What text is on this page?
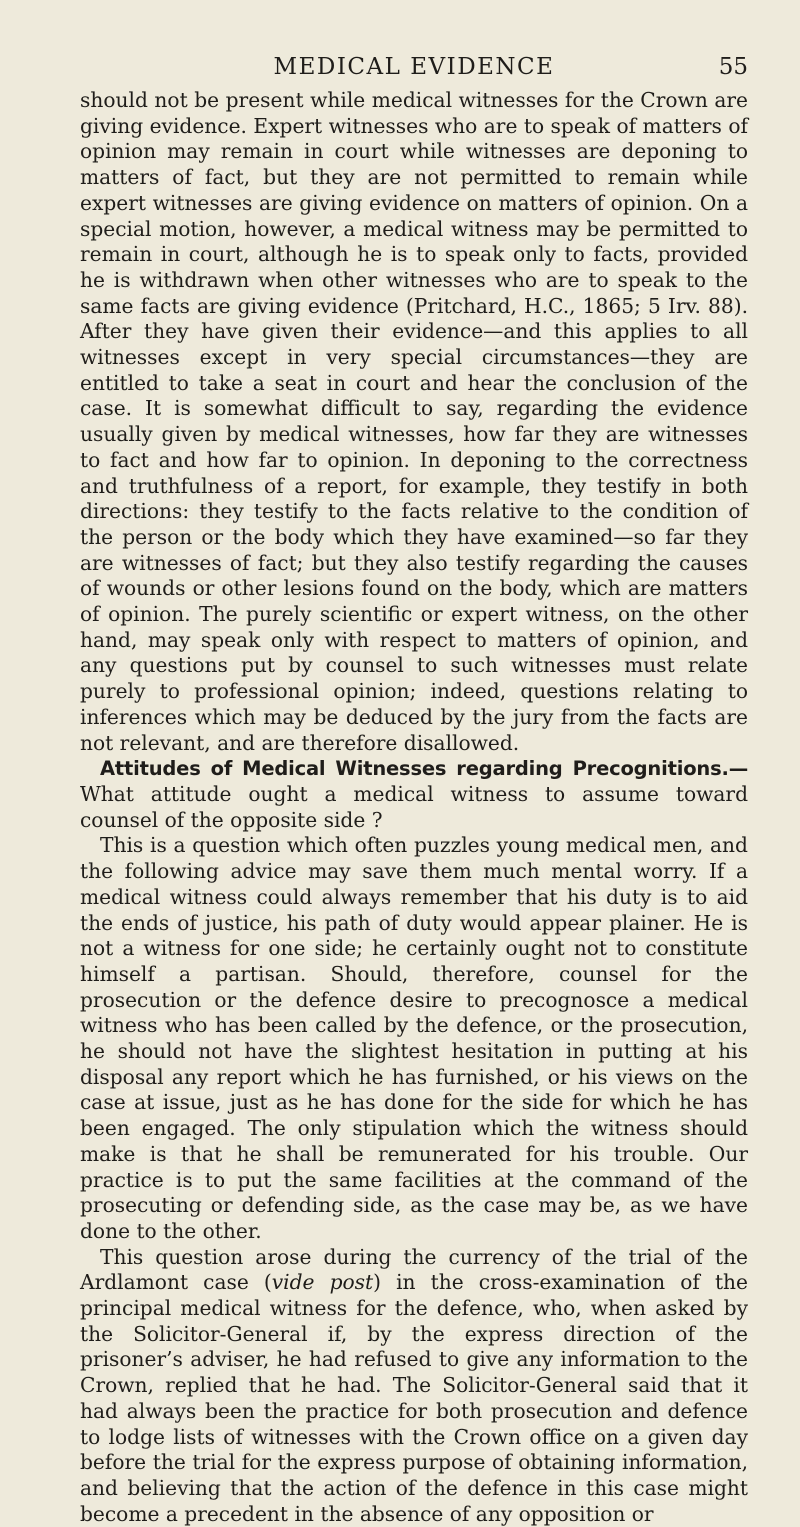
MEDICAL EVIDENCE	55

should not be present while medical witnesses for the Crown are giving evidence. Expert witnesses who are to speak of matters of opinion may remain in court while witnesses are deponing to matters of fact, but they are not permitted to remain while expert witnesses are giving evidence on matters of opinion. On a special motion, however, a medical witness may be permitted to remain in court, although he is to speak only to facts, provided he is withdrawn when other witnesses who are to speak to the same facts are giving evidence (Pritchard, H.C., 1865; 5 Irv. 88). After they have given their evidence—and this applies to all witnesses except in very special circumstances—they are entitled to take a seat in court and hear the conclusion of the case. It is somewhat difficult to say, regarding the evidence usually given by medical witnesses, how far they are witnesses to fact and how far to opinion. In deponing to the correctness and truthfulness of a report, for example, they testify in both directions: they testify to the facts relative to the condition of the person or the body which they have examined—so far they are witnesses of fact; but they also testify regarding the causes of wounds or other lesions found on the body, which are matters of opinion. The purely scientific or expert witness, on the other hand, may speak only with respect to matters of opinion, and any questions put by counsel to such witnesses must relate purely to professional opinion; indeed, questions relating to inferences which may be deduced by the jury from the facts are not relevant, and are therefore disallowed.

Attitudes of Medical Witnesses regarding Precognitions.— What attitude ought a medical witness to assume toward counsel of the opposite side ?

This is a question which often puzzles young medical men, and the following advice may save them much mental worry. If a medical witness could always remember that his duty is to aid the ends of justice, his path of duty would appear plainer. He is not a witness for one side; he certainly ought not to constitute himself a partisan. Should, therefore, counsel for the prosecution or the defence desire to precognosce a medical witness who has been called by the defence, or the prosecution, he should not have the slightest hesitation in putting at his disposal any report which he has furnished, or his views on the case at issue, just as he has done for the side for which he has been engaged. The only stipulation which the witness should make is that he shall be remunerated for his trouble. Our practice is to put the same facilities at the command of the prosecuting or defending side, as the case may be, as we have done to the other.

This question arose during the currency of the trial of the Ardlamont case (vide post) in the cross-examination of the principal medical witness for the defence, who, when asked by the Solicitor-General if, by the express direction of the prisoner’s adviser, he had refused to give any information to the Crown, replied that he had. The Solicitor-General said that it had always been the practice for both prosecution and defence to lodge lists of witnesses with the Crown office on a given day before the trial for the express purpose of obtaining information, and believing that the action of the defence in this case might become a precedent in the absence of any opposition or
